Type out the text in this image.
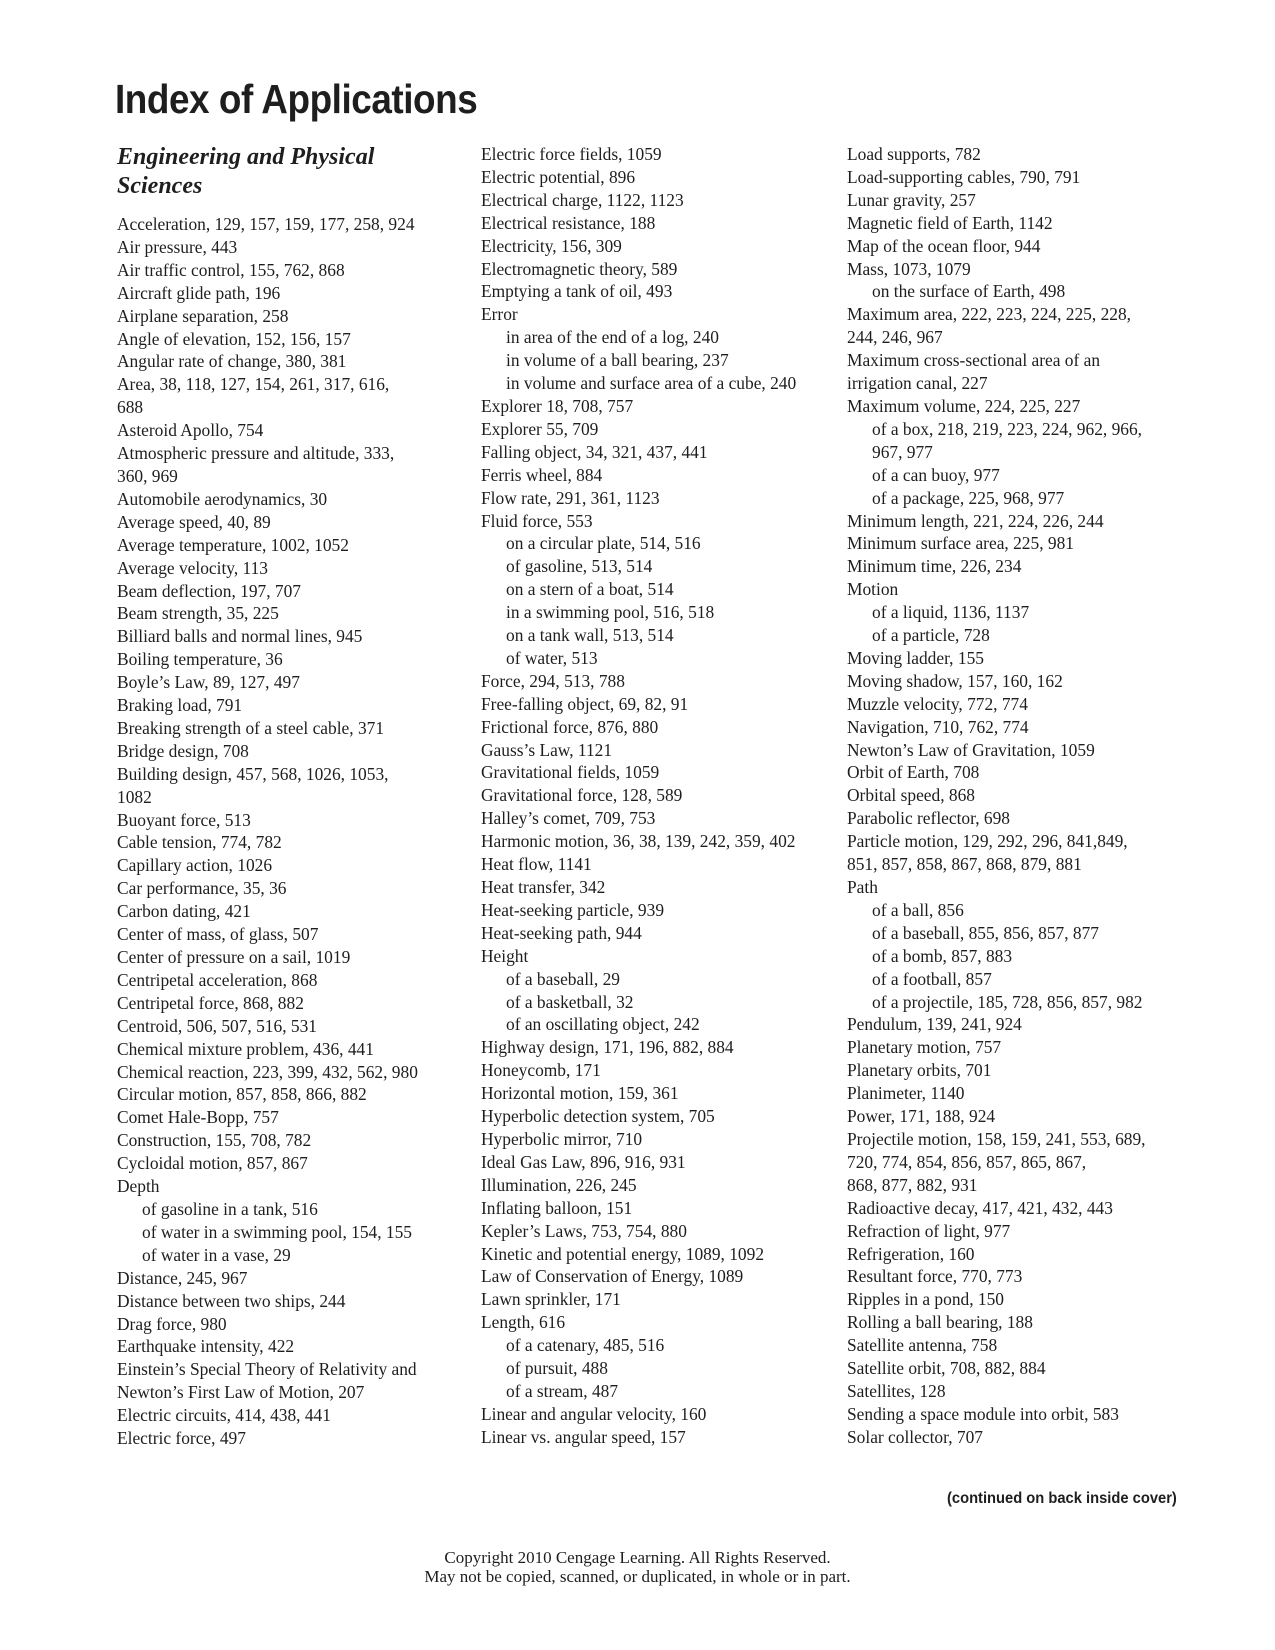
Index of Applications
Engineering and Physical Sciences
Acceleration, 129, 157, 159, 177, 258, 924
Air pressure, 443
Air traffic control, 155, 762, 868
Aircraft glide path, 196
Airplane separation, 258
Angle of elevation, 152, 156, 157
Angular rate of change, 380, 381
Area, 38, 118, 127, 154, 261, 317, 616,
688
Asteroid Apollo, 754
Atmospheric pressure and altitude, 333,
360, 969
Automobile aerodynamics, 30
Average speed, 40, 89
Average temperature, 1002, 1052
Average velocity, 113
Beam deflection, 197, 707
Beam strength, 35, 225
Billiard balls and normal lines, 945
Boiling temperature, 36
Boyle’s Law, 89, 127, 497
Braking load, 791
Breaking strength of a steel cable, 371
Bridge design, 708
Building design, 457, 568, 1026, 1053,
1082
Buoyant force, 513
Cable tension, 774, 782
Capillary action, 1026
Car performance, 35, 36
Carbon dating, 421
Center of mass, of glass, 507
Center of pressure on a sail, 1019
Centripetal acceleration, 868
Centripetal force, 868, 882
Centroid, 506, 507, 516, 531
Chemical mixture problem, 436, 441
Chemical reaction, 223, 399, 432, 562, 980
Circular motion, 857, 858, 866, 882
Comet Hale-Bopp, 757
Construction, 155, 708, 782
Cycloidal motion, 857, 867
Depth
of gasoline in a tank, 516
of water in a swimming pool, 154, 155
of water in a vase, 29
Distance, 245, 967
Distance between two ships, 244
Drag force, 980
Earthquake intensity, 422
Einstein’s Special Theory of Relativity and
Newton’s First Law of Motion, 207
Electric circuits, 414, 438, 441
Electric force, 497
Electric force fields, 1059
Electric potential, 896
Electrical charge, 1122, 1123
Electrical resistance, 188
Electricity, 156, 309
Electromagnetic theory, 589
Emptying a tank of oil, 493
Error
in area of the end of a log, 240
in volume of a ball bearing, 237
in volume and surface area of a cube, 240
Explorer 18, 708, 757
Explorer 55, 709
Falling object, 34, 321, 437, 441
Ferris wheel, 884
Flow rate, 291, 361, 1123
Fluid force, 553
on a circular plate, 514, 516
of gasoline, 513, 514
on a stern of a boat, 514
in a swimming pool, 516, 518
on a tank wall, 513, 514
of water, 513
Force, 294, 513, 788
Free-falling object, 69, 82, 91
Frictional force, 876, 880
Gauss’s Law, 1121
Gravitational fields, 1059
Gravitational force, 128, 589
Halley’s comet, 709, 753
Harmonic motion, 36, 38, 139, 242, 359, 402
Heat flow, 1141
Heat transfer, 342
Heat-seeking particle, 939
Heat-seeking path, 944
Height
of a baseball, 29
of a basketball, 32
of an oscillating object, 242
Highway design, 171, 196, 882, 884
Honeycomb, 171
Horizontal motion, 159, 361
Hyperbolic detection system, 705
Hyperbolic mirror, 710
Ideal Gas Law, 896, 916, 931
Illumination, 226, 245
Inflating balloon, 151
Kepler’s Laws, 753, 754, 880
Kinetic and potential energy, 1089, 1092
Law of Conservation of Energy, 1089
Lawn sprinkler, 171
Length, 616
of a catenary, 485, 516
of pursuit, 488
of a stream, 487
Linear and angular velocity, 160
Linear vs. angular speed, 157
Load supports, 782
Load-supporting cables, 790, 791
Lunar gravity, 257
Magnetic field of Earth, 1142
Map of the ocean floor, 944
Mass, 1073, 1079
on the surface of Earth, 498
Maximum area, 222, 223, 224, 225, 228,
244, 246, 967
Maximum cross-sectional area of an
irrigation canal, 227
Maximum volume, 224, 225, 227
of a box, 218, 219, 223, 224, 962, 966,
967, 977
of a can buoy, 977
of a package, 225, 968, 977
Minimum length, 221, 224, 226, 244
Minimum surface area, 225, 981
Minimum time, 226, 234
Motion
of a liquid, 1136, 1137
of a particle, 728
Moving ladder, 155
Moving shadow, 157, 160, 162
Muzzle velocity, 772, 774
Navigation, 710, 762, 774
Newton’s Law of Gravitation, 1059
Orbit of Earth, 708
Orbital speed, 868
Parabolic reflector, 698
Particle motion, 129, 292, 296, 841,849,
851, 857, 858, 867, 868, 879, 881
Path
of a ball, 856
of a baseball, 855, 856, 857, 877
of a bomb, 857, 883
of a football, 857
of a projectile, 185, 728, 856, 857, 982
Pendulum, 139, 241, 924
Planetary motion, 757
Planetary orbits, 701
Planimeter, 1140
Power, 171, 188, 924
Projectile motion, 158, 159, 241, 553, 689,
720, 774, 854, 856, 857, 865, 867,
868, 877, 882, 931
Radioactive decay, 417, 421, 432, 443
Refraction of light, 977
Refrigeration, 160
Resultant force, 770, 773
Ripples in a pond, 150
Rolling a ball bearing, 188
Satellite antenna, 758
Satellite orbit, 708, 882, 884
Satellites, 128
Sending a space module into orbit, 583
Solar collector, 707
(continued on back inside cover)
Copyright 2010 Cengage Learning. All Rights Reserved.
May not be copied, scanned, or duplicated, in whole or in part.
